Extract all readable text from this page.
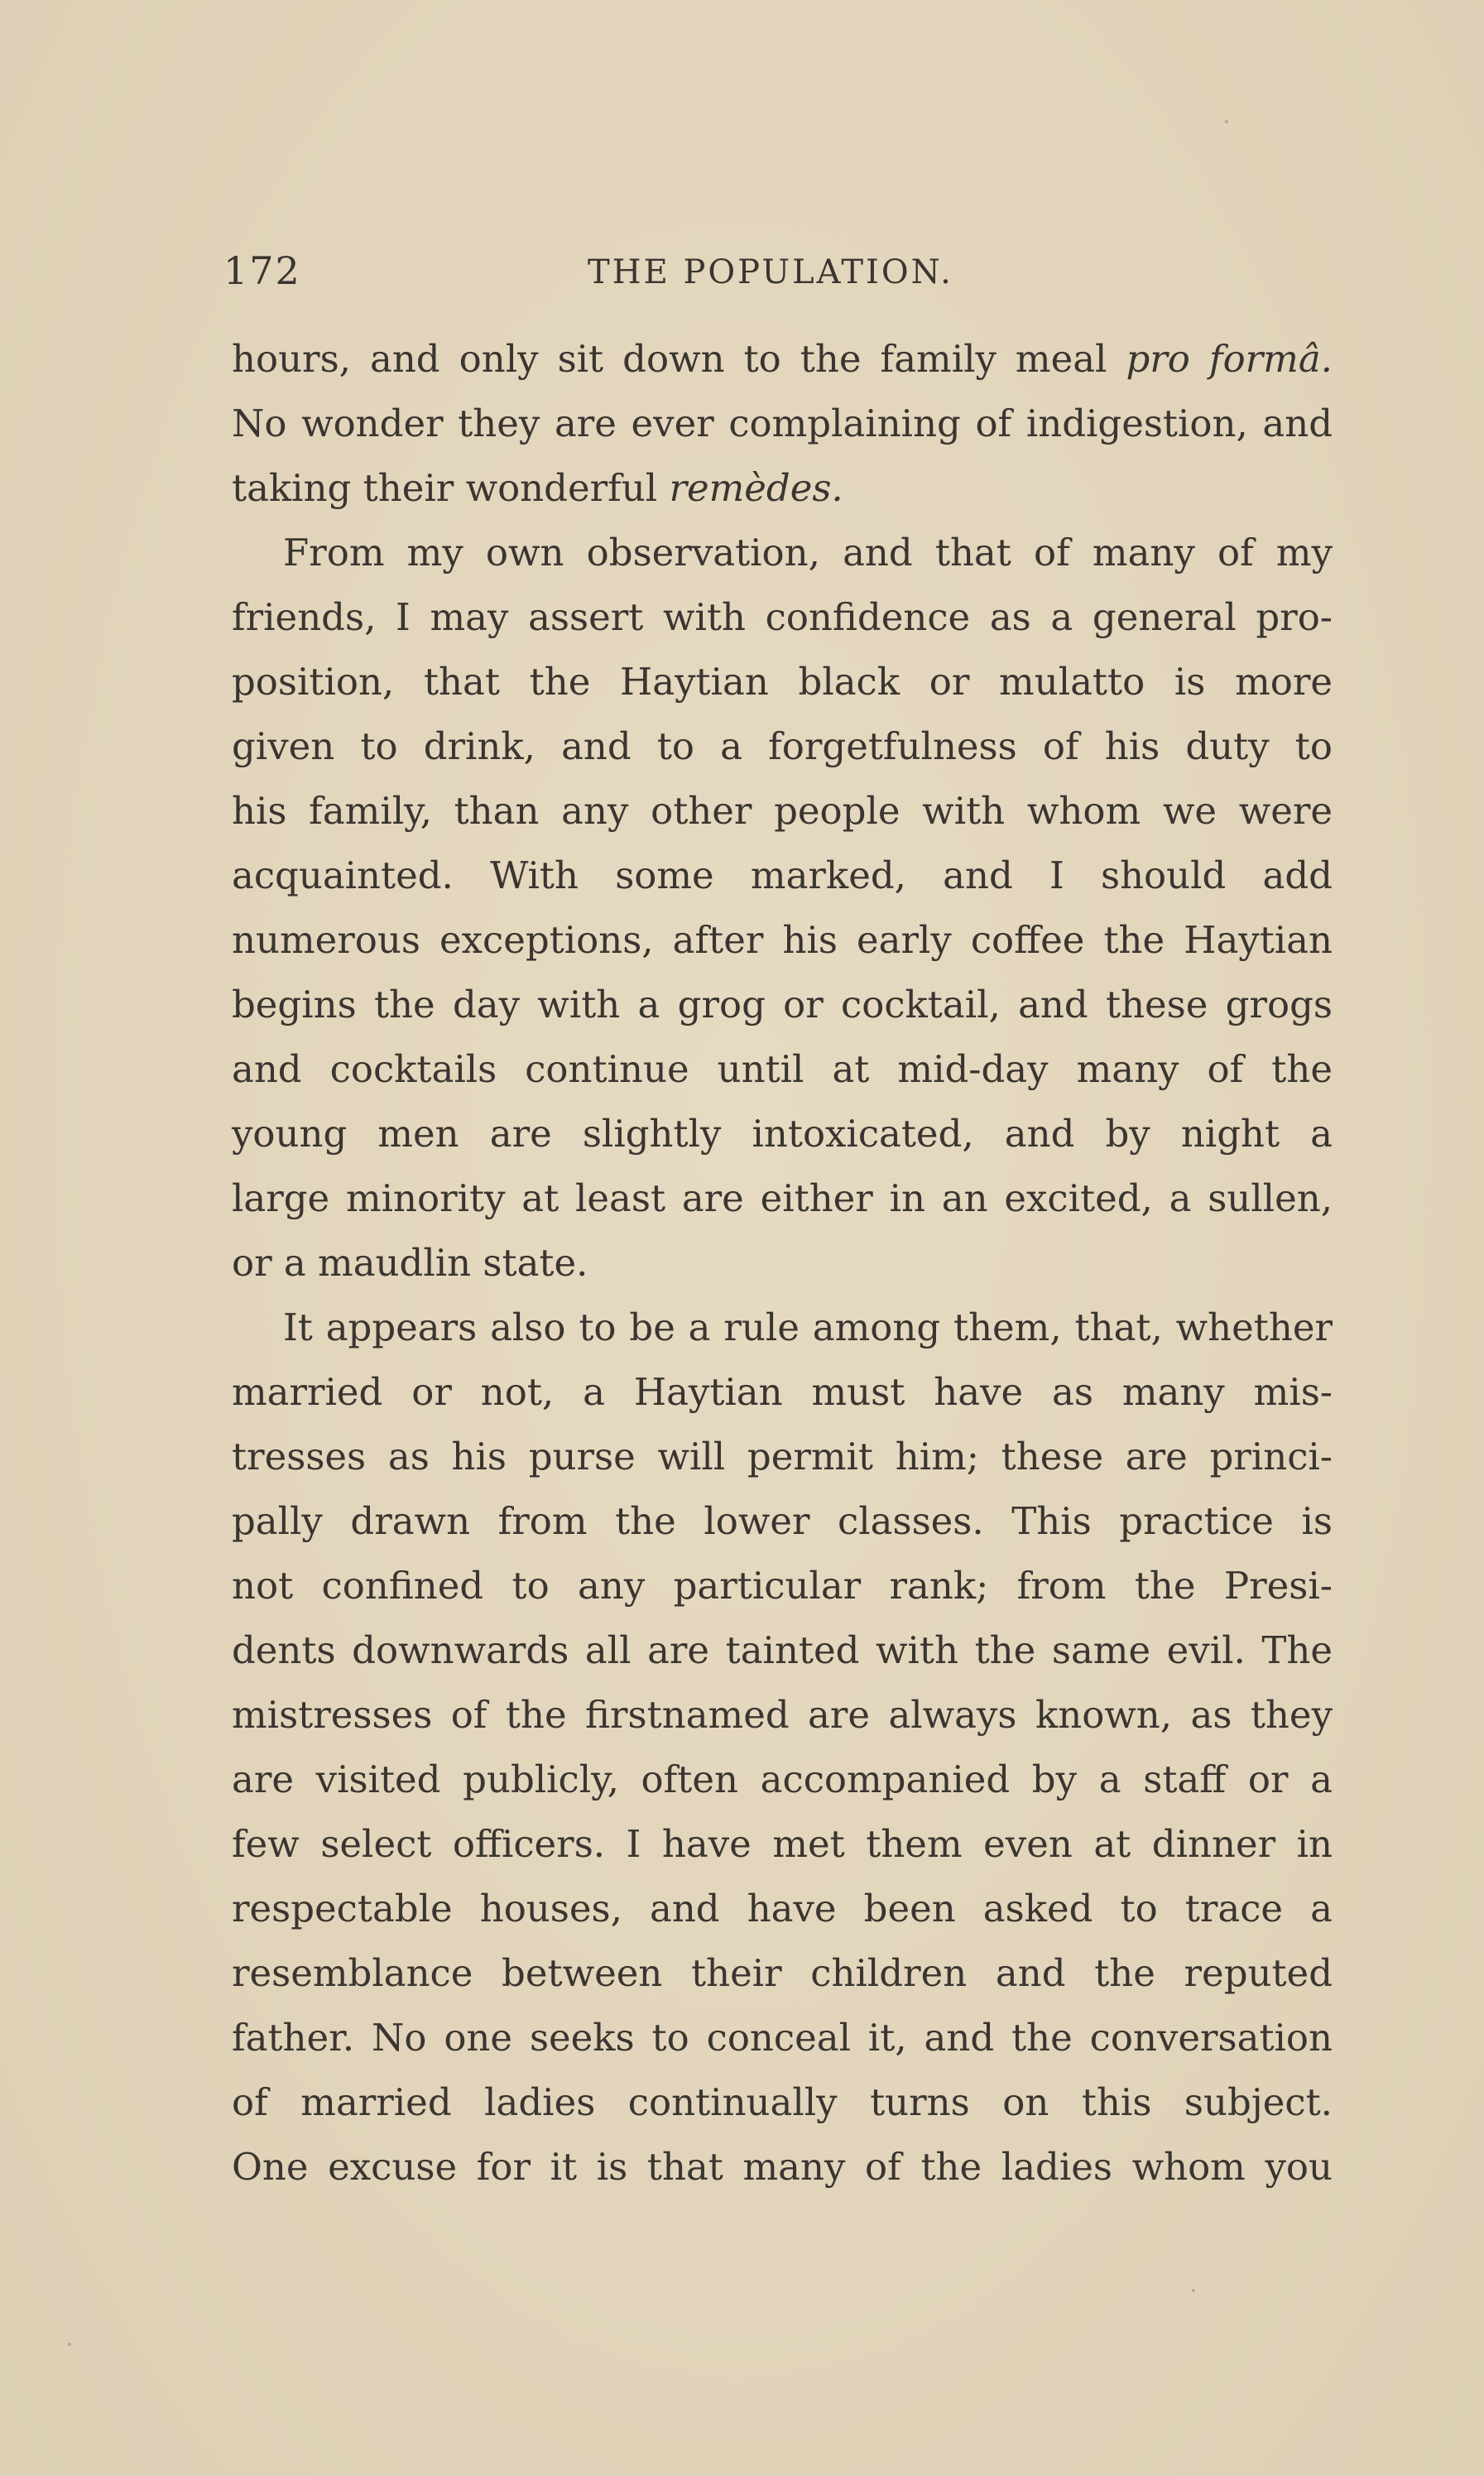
172	THE POPULATION.
hours, and only sit down to the family meal pro formâ.
No wonder they are ever complaining of indigestion, and
taking their wonderful remèdes.
From my own observation, and that of many of my
friends, I may assert with confidence as a general pro-
position, that the Haytian black or mulatto is more
given to drink, and to a forgetfulness of his duty to
his family, than any other people with whom we were
acquainted. With some marked, and I should add
numerous exceptions, after his early coffee the Haytian
begins the day with a grog or cocktail, and these grogs
and cocktails continue until at mid-day many of the
young men are slightly intoxicated, and by night a
large minority at least are either in an excited, a sullen,
or a maudlin state.
It appears also to be a rule among them, that, whether
married or not, a Haytian must have as many mis-
tresses as his purse will permit him; these are princi-
pally drawn from the lower classes. This practice is
not confined to any particular rank; from the Presi-
dents downwards all are tainted with the same evil. The
mistresses of the firstnamed are always known, as they
are visited publicly, often accompanied by a staff or a
few select officers. I have met them even at dinner in
respectable houses, and have been asked to trace a
resemblance between their children and the reputed
father. No one seeks to conceal it, and the conversation
of married ladies continually turns on this subject.
One excuse for it is that many of the ladies whom you
